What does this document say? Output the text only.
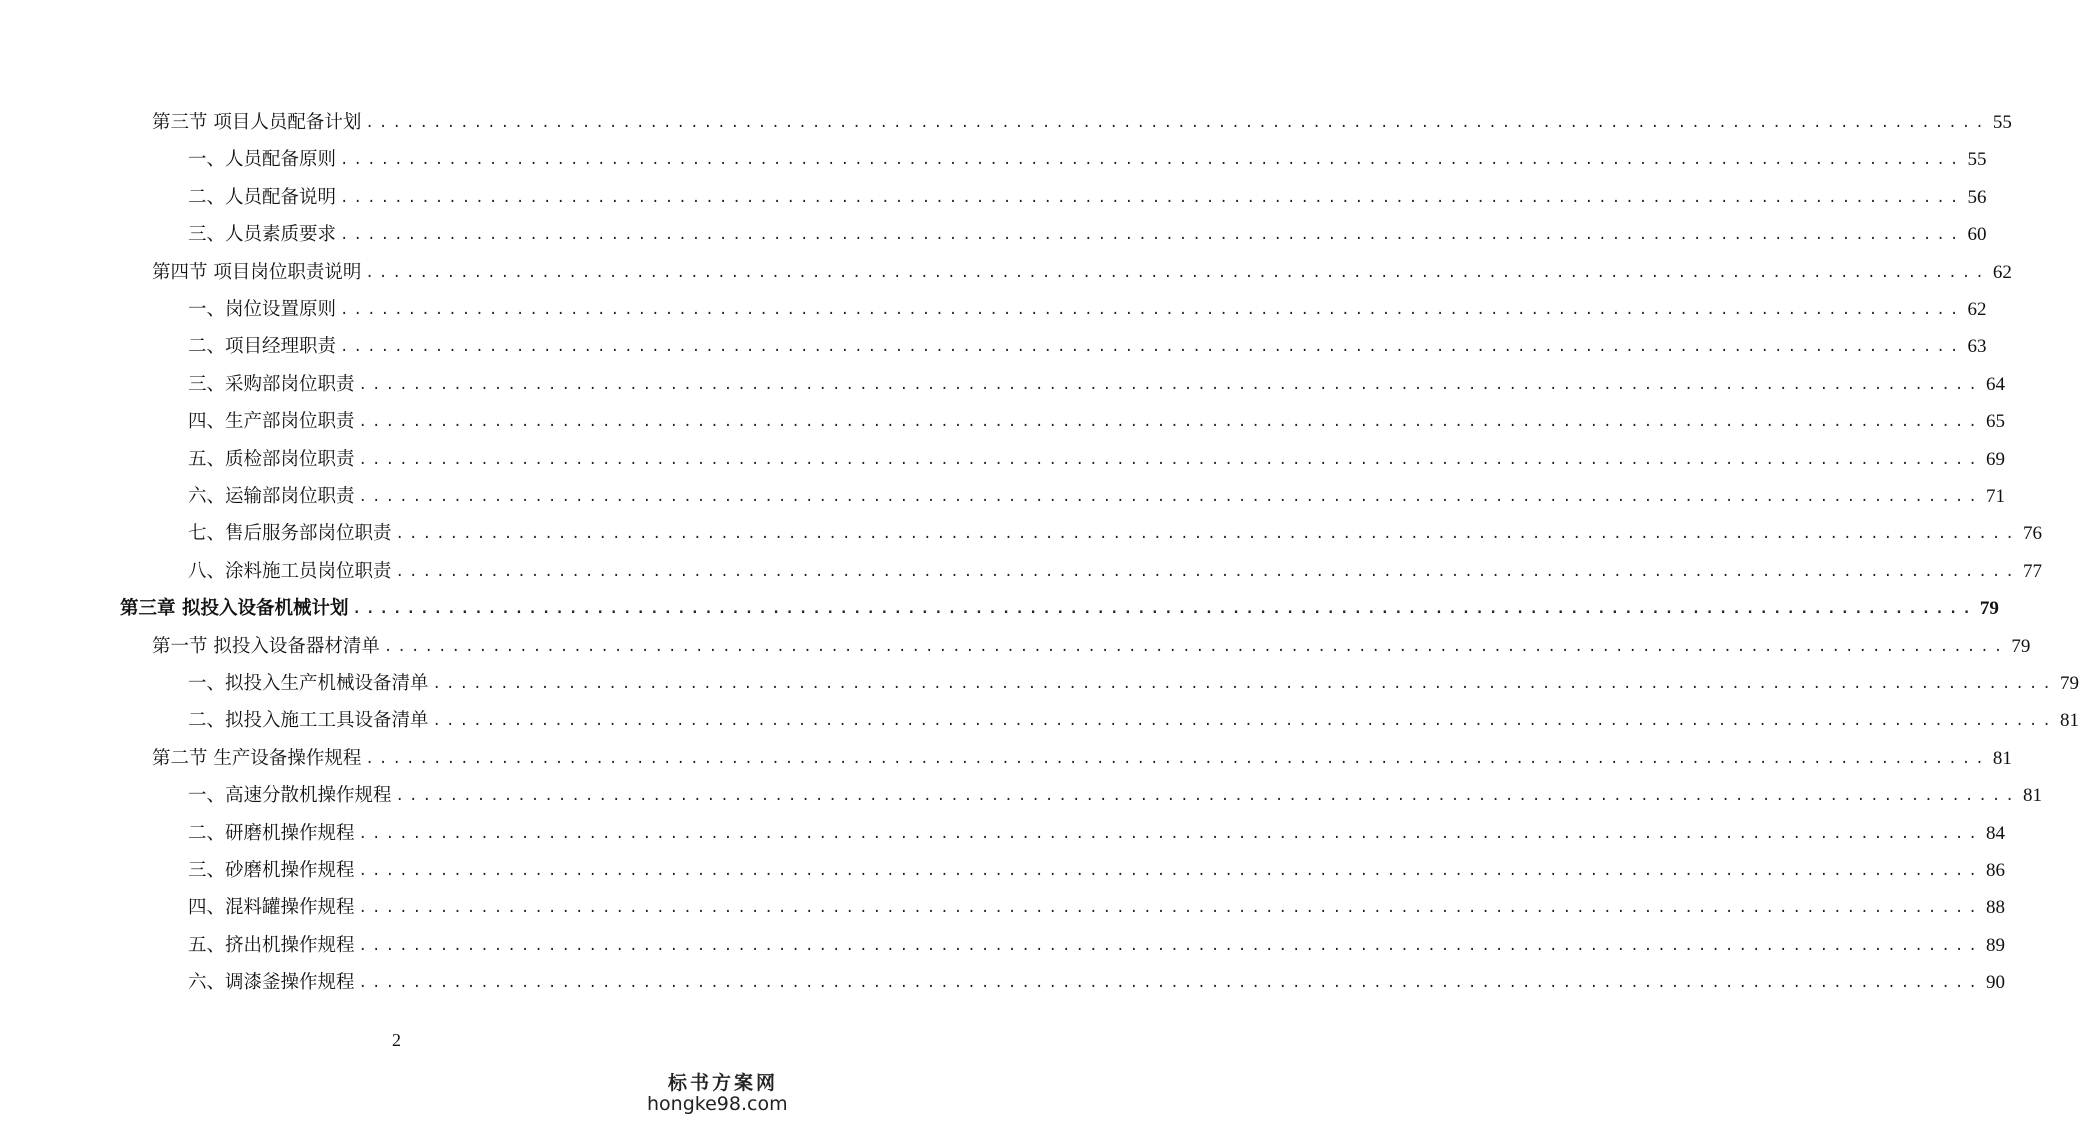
第三节 项目人员配备计划 ........................................................................................................................ 55
一、人员配备原则 ........................................................................................................................ 55
二、人员配备说明 ........................................................................................................................ 56
三、人员素质要求 ........................................................................................................................ 60
第四节 项目岗位职责说明 ........................................................................................................................ 62
一、岗位设置原则 ........................................................................................................................ 62
二、项目经理职责 ........................................................................................................................ 63
三、采购部岗位职责 ........................................................................................................................ 64
四、生产部岗位职责 ........................................................................................................................ 65
五、质检部岗位职责 ........................................................................................................................ 69
六、运输部岗位职责 ........................................................................................................................ 71
七、售后服务部岗位职责 ........................................................................................................................ 76
八、涂料施工员岗位职责 ........................................................................................................................ 77
第三章 拟投入设备机械计划 ........................................................................................................................ 79
第一节 拟投入设备器材清单 ........................................................................................................................ 79
一、拟投入生产机械设备清单 ........................................................................................................................ 79
二、拟投入施工工具设备清单 ........................................................................................................................ 81
第二节 生产设备操作规程 ........................................................................................................................ 81
一、高速分散机操作规程 ........................................................................................................................ 81
二、研磨机操作规程 ........................................................................................................................ 84
三、砂磨机操作规程 ........................................................................................................................ 86
四、混料罐操作规程 ........................................................................................................................ 88
五、挤出机操作规程 ........................................................................................................................ 89
六、调漆釜操作规程 ........................................................................................................................ 90
2
标书方案网
hongke98.com
